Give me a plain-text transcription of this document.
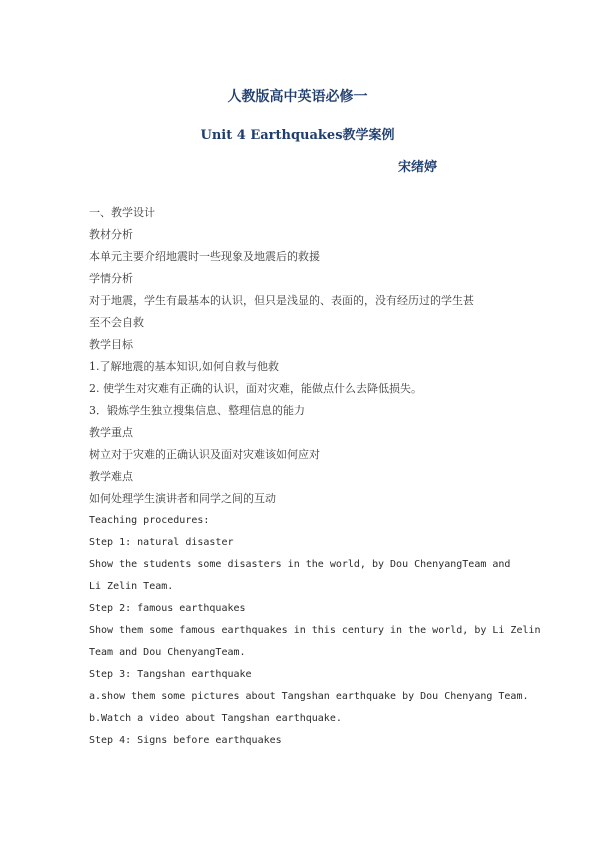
人教版高中英语必修一
Unit 4 Earthquakes教学案例
宋绪婷

一、教学设计

教材分析

本单元主要介绍地震时一些现象及地震后的救援

学情分析

对于地震，学生有最基本的认识，但只是浅显的、表面的，没有经历过的学生甚

至不会自救

教学目标

1.了解地震的基本知识,如何自救与他救

2. 使学生对灾难有正确的认识，面对灾难，能做点什么去降低损失。

3．锻炼学生独立搜集信息、整理信息的能力

教学重点

树立对于灾难的正确认识及面对灾难该如何应对

教学难点

如何处理学生演讲者和同学之间的互动

Teaching procedures:

Step 1: natural disaster

Show the students some disasters in the world, by Dou ChenyangTeam and

Li Zelin Team.

Step 2: famous earthquakes

Show them some famous earthquakes in this century in the world, by Li Zelin

Team and Dou ChenyangTeam.

Step 3: Tangshan earthquake

a.show them some pictures about Tangshan earthquake by Dou Chenyang Team.

b.Watch a video about Tangshan earthquake.

Step 4: Signs before earthquakes
